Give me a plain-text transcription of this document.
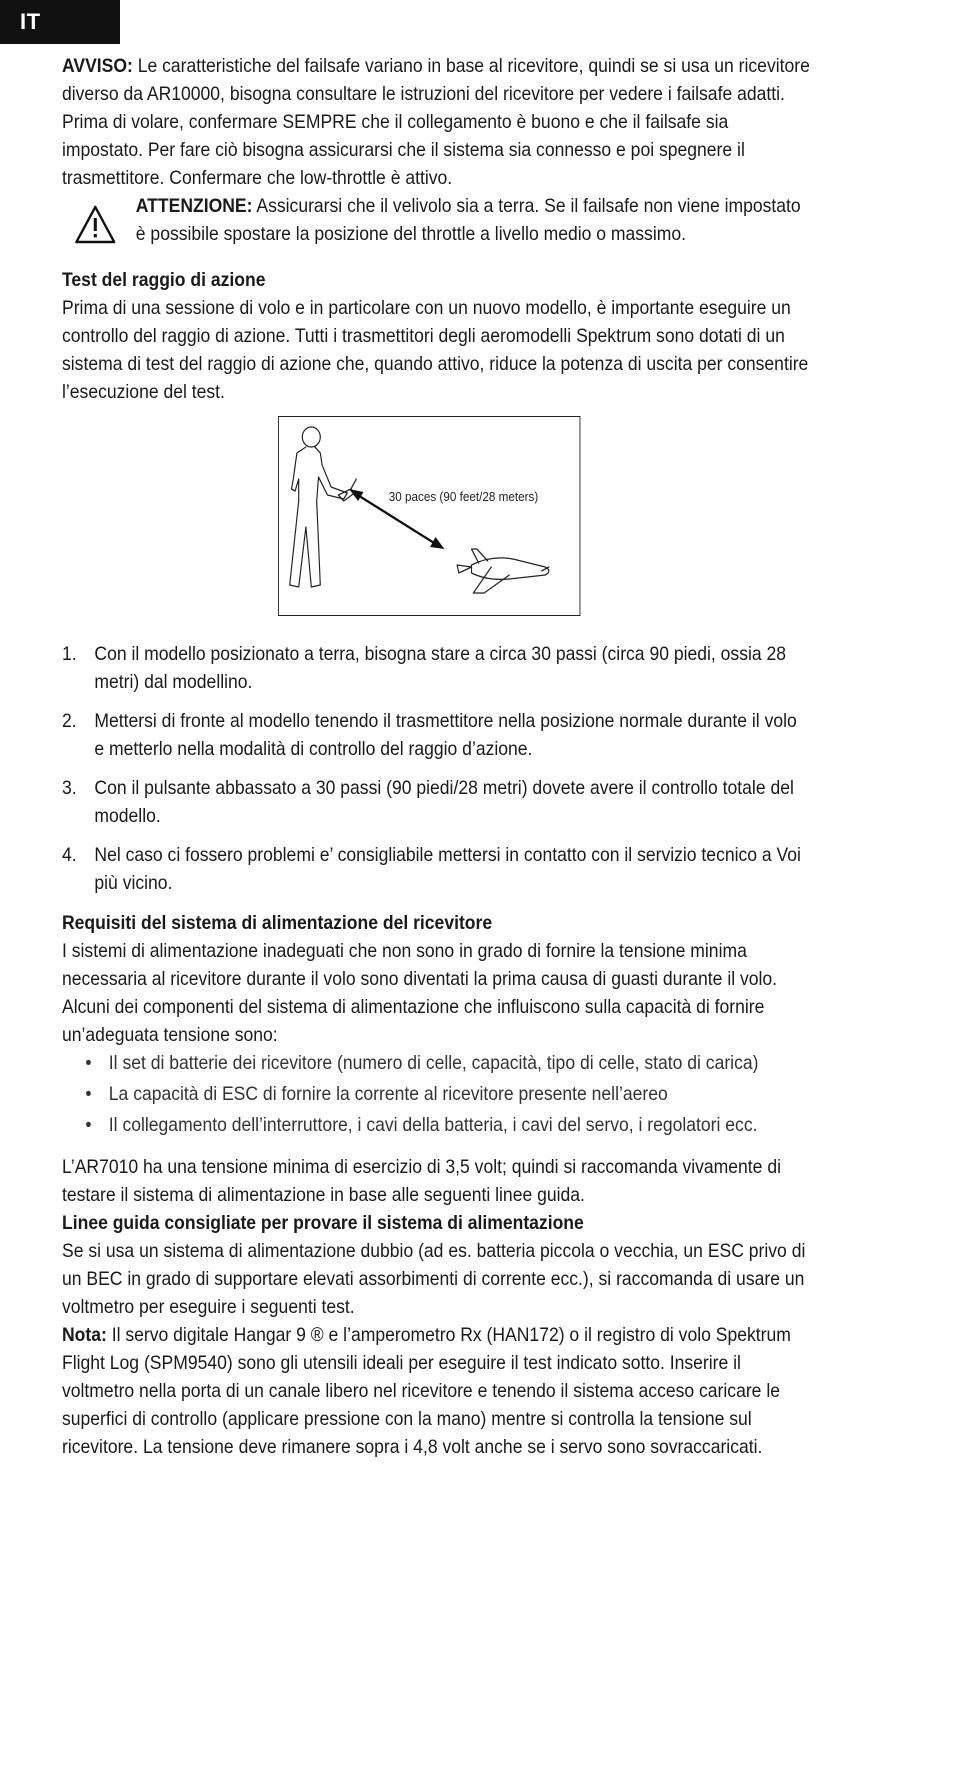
IT

AVVISO: Le caratteristiche del failsafe variano in base al ricevitore, quindi se si usa un ricevitore diverso da AR10000, bisogna consultare le istruzioni del ricevitore per vedere i failsafe adatti.

Prima di volare, confermare SEMPRE che il collegamento è buono e che il failsafe sia impostato. Per fare ciò bisogna assicurarsi che il sistema sia connesso e poi spegnere il trasmettitore. Confermare che low-throttle è attivo.

ATTENZIONE: Assicurarsi che il velivolo sia a terra. Se il failsafe non viene impostato è possibile spostare la posizione del throttle a livello medio o massimo.

Test del raggio di azione

Prima di una sessione di volo e in particolare con un nuovo modello, è importante eseguire un controllo del raggio di azione. Tutti i trasmettitori degli aeromodelli Spektrum sono dotati di un sistema di test del raggio di azione che, quando attivo, riduce la potenza di uscita per consentire l’esecuzione del test.

30 paces (90 feet/28 meters)
1. Con il modello posizionato a terra, bisogna stare a circa 30 passi (circa 90 piedi, ossia 28 metri) dal modellino.
2. Mettersi di fronte al modello tenendo il trasmettitore nella posizione normale durante il volo e metterlo nella modalità di controllo del raggio d’azione.
3. Con il pulsante abbassato a 30 passi (90 piedi/28 metri) dovete avere il controllo totale del modello.
4. Nel caso ci fossero problemi e’ consigliabile mettersi in contatto con il servizio tecnico a Voi più vicino.

Requisiti del sistema di alimentazione del ricevitore

I sistemi di alimentazione inadeguati che non sono in grado di fornire la tensione minima necessaria al ricevitore durante il volo sono diventati la prima causa di guasti durante il volo. Alcuni dei componenti del sistema di alimentazione che influiscono sulla capacità di fornire un’adeguata tensione sono:

• Il set di batterie dei ricevitore (numero di celle, capacità, tipo di celle, stato di carica)
• La capacità di ESC di fornire la corrente al ricevitore presente nell’aereo
• Il collegamento dell’interruttore, i cavi della batteria, i cavi del servo, i regolatori ecc.

L’AR7010 ha una tensione minima di esercizio di 3,5 volt; quindi si raccomanda vivamente di testare il sistema di alimentazione in base alle seguenti linee guida.

Linee guida consigliate per provare il sistema di alimentazione

Se si usa un sistema di alimentazione dubbio (ad es. batteria piccola o vecchia, un ESC privo di un BEC in grado di supportare elevati assorbimenti di corrente ecc.), si raccomanda di usare un voltmetro per eseguire i seguenti test.

Nota: Il servo digitale Hangar 9 ® e l’amperometro Rx (HAN172) o il registro di volo Spektrum Flight Log (SPM9540) sono gli utensili ideali per eseguire il test indicato sotto. Inserire il voltmetro nella porta di un canale libero nel ricevitore e tenendo il sistema acceso caricare le superfici di controllo (applicare pressione con la mano) mentre si controlla la tensione sul ricevitore. La tensione deve rimanere sopra i 4,8 volt anche se i servo sono sovraccaricati.
